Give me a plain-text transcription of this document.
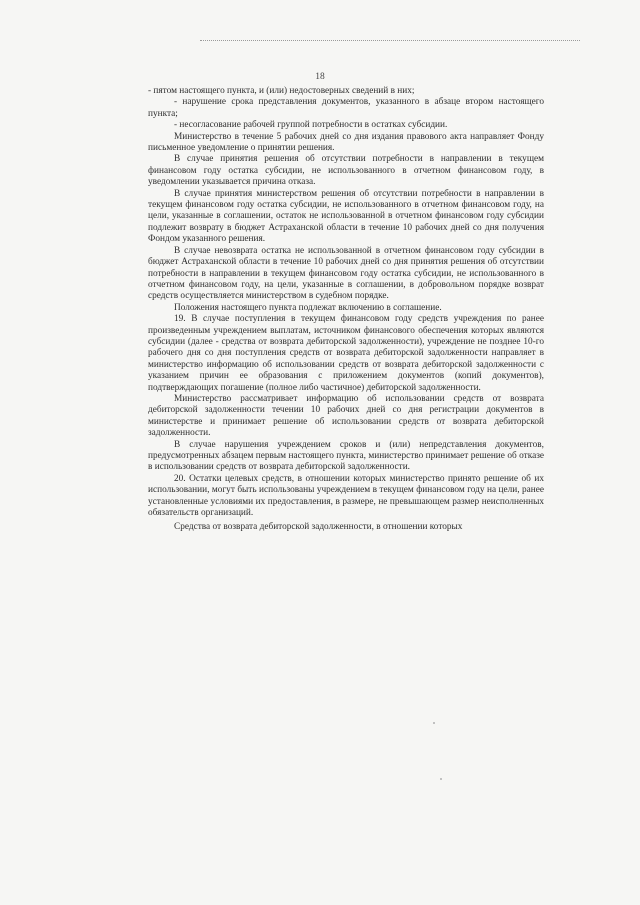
18

- пятом настоящего пункта, и (или) недостоверных сведений в них;

- нарушение срока представления документов, указанного в абзаце втором настоящего пункта;

- несогласование рабочей группой потребности в остатках субсидии.

Министерство в течение 5 рабочих дней со дня издания правового акта направляет Фонду письменное уведомление о принятии решения.

В случае принятия решения об отсутствии потребности в направлении в текущем финансовом году остатка субсидии, не использованного в отчетном финансовом году, в уведомлении указывается причина отказа.

В случае принятия министерством решения об отсутствии потребности в направлении в текущем финансовом году остатка субсидии, не использованного в отчетном финансовом году, на цели, указанные в соглашении, остаток не использованной в отчетном финансовом году субсидии подлежит возврату в бюджет Астраханской области в течение 10 рабочих дней со дня получения Фондом указанного решения.

В случае невозврата остатка не использованной в отчетном финансовом году субсидии в бюджет Астраханской области в течение 10 рабочих дней со дня принятия решения об отсутствии потребности в направлении в текущем финансовом году остатка субсидии, не использованного в отчетном финансовом году, на цели, указанные в соглашении, в добровольном порядке возврат средств осуществляется министерством в судебном порядке.

Положения настоящего пункта подлежат включению в соглашение.

19. В случае поступления в текущем финансовом году средств учреждения по ранее произведенным учреждением выплатам, источником финансового обеспечения которых являются субсидии (далее - средства от возврата дебиторской задолженности), учреждение не позднее 10-го рабочего дня со дня поступления средств от возврата дебиторской задолженности направляет в министерство информацию об использовании средств от возврата дебиторской задолженности с указанием причин ее образования с приложением документов (копий документов), подтверждающих погашение (полное либо частичное) дебиторской задолженности.

Министерство рассматривает информацию об использовании средств от возврата дебиторской задолженности течении 10 рабочих дней со дня регистрации документов в министерстве и принимает решение об использовании средств от возврата дебиторской задолженности.

В случае нарушения учреждением сроков и (или) непредставления документов, предусмотренных абзацем первым настоящего пункта, министерство принимает решение об отказе в использовании средств от возврата дебиторской задолженности.

20. Остатки целевых средств, в отношении которых министерство принято решение об их использовании, могут быть использованы учреждением в текущем финансовом году на цели, ранее установленные условиями их предоставления, в размере, не превышающем размер неисполненных обязательств организаций.

Средства от возврата дебиторской задолженности, в отношении которых
